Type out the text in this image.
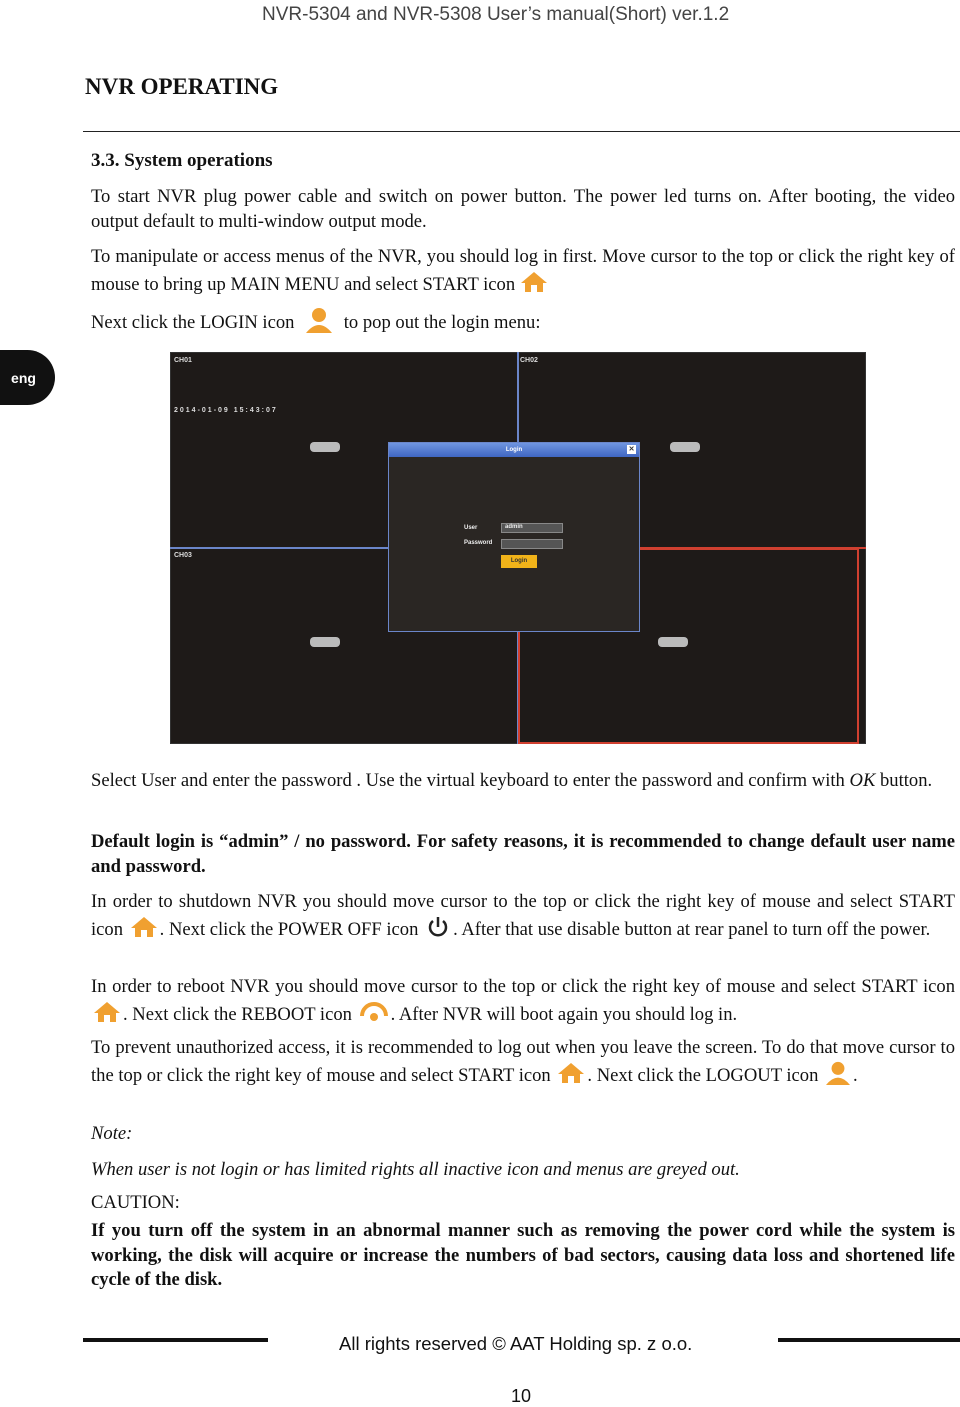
NVR-5304 and NVR-5308 User’s manual(Short) ver.1.2
NVR OPERATING
3.3. System operations
To start NVR plug power cable and switch on power button. The power led turns on. After booting, the video output default to multi-window output mode.
To manipulate or access menus of the NVR, you should log in first. Move cursor to the top or click the right key of mouse to bring up MAIN MENU and select START icon
Next click the LOGIN icon	to pop out the login menu:
eng
CH01	CH02
CH03
2014-01-09 15:43:07
Login	✕
User	admin
Password
Login
Select User and enter the password . Use the virtual keyboard to enter the password and confirm with OK button.
Default login is “admin” / no password. For safety reasons, it is recommended to change default user name and password.
In order to shutdown NVR you should move cursor to the top or click the right key of mouse and select START icon . Next click the POWER OFF icon . After that use disable button at rear panel to turn off the power.
In order to reboot NVR you should move cursor to the top or click the right key of mouse and select START icon . Next click the REBOOT icon . After NVR will boot again you should log in.
To prevent unauthorized access, it is recommended to log out when you leave the screen. To do that move cursor to the top or click the right key of mouse and select START icon . Next click the LOGOUT icon .
Note:
When user is not login or has limited rights all inactive icon and menus are greyed out.
CAUTION:
If you turn off the system in an abnormal manner such as removing the power cord while the system is working, the disk will acquire or increase the numbers of bad sectors, causing data loss and shortened life cycle of the disk.
All rights reserved © AAT Holding sp. z o.o.
10
